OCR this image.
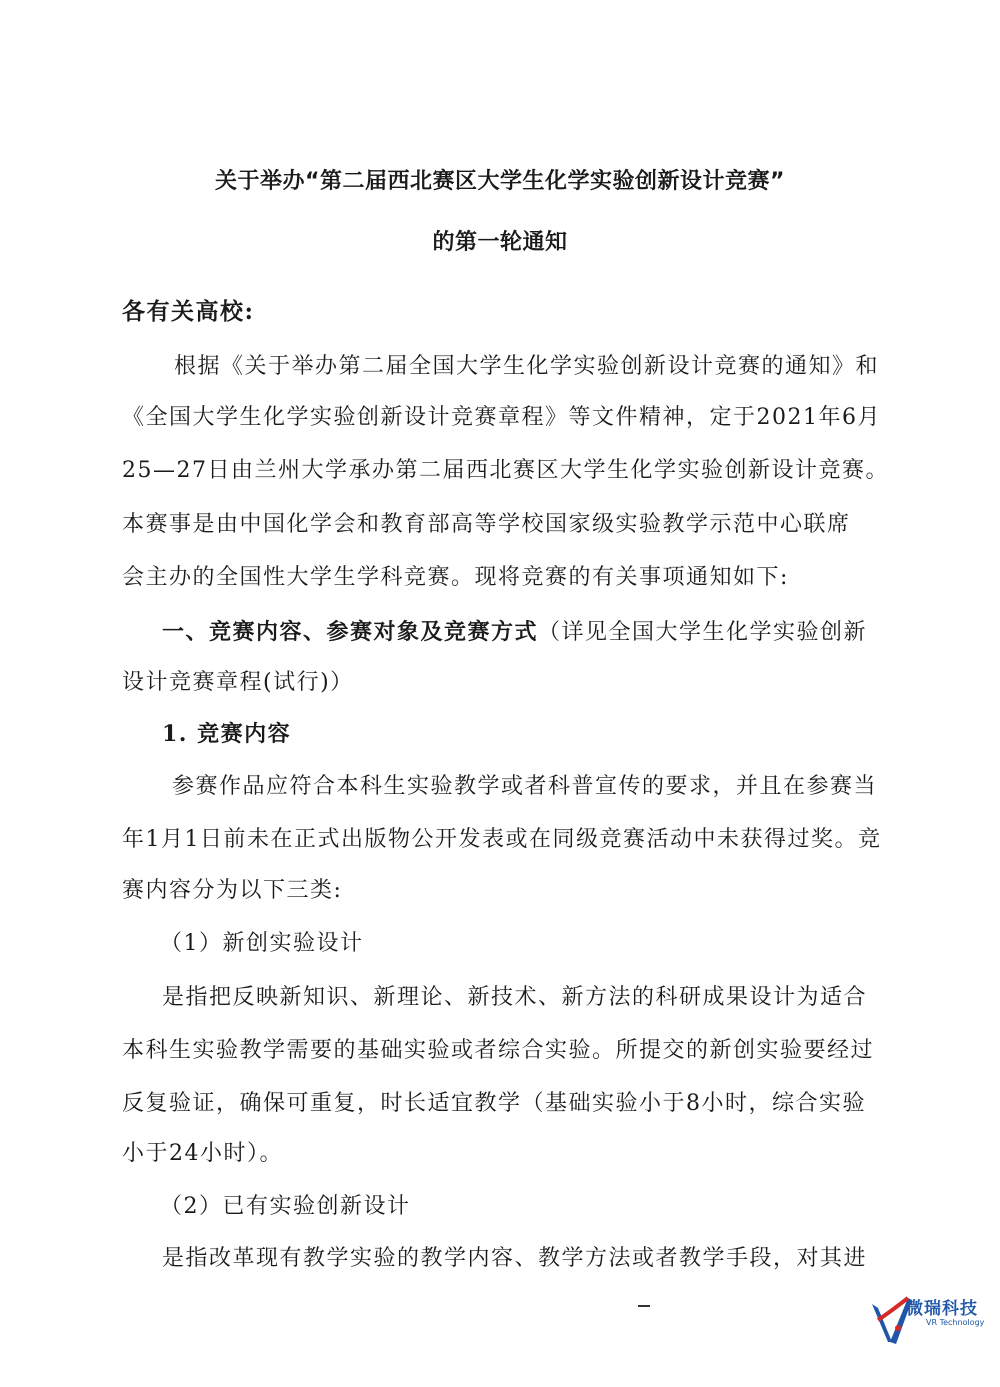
关于举办“第二届西北赛区大学生化学实验创新设计竞赛”
的第一轮通知
各有关高校:
根据《关于举办第二届全国大学生化学实验创新设计竞赛的通知》和
《全国大学生化学实验创新设计竞赛章程》等文件精神，定于2021年6月
25—27日由兰州大学承办第二届西北赛区大学生化学实验创新设计竞赛。
本赛事是由中国化学会和教育部高等学校国家级实验教学示范中心联席
会主办的全国性大学生学科竞赛。现将竞赛的有关事项通知如下:
一、竞赛内容、参赛对象及竞赛方式（详见全国大学生化学实验创新
设计竞赛章程(试行)）
1. 竞赛内容
参赛作品应符合本科生实验教学或者科普宣传的要求，并且在参赛当
年1月1日前未在正式出版物公开发表或在同级竞赛活动中未获得过奖。竞
赛内容分为以下三类:
（1）新创实验设计
是指把反映新知识、新理论、新技术、新方法的科研成果设计为适合
本科生实验教学需要的基础实验或者综合实验。所提交的新创实验要经过
反复验证，确保可重复，时长适宜教学（基础实验小于8小时，综合实验
小于24小时）。
（2）已有实验创新设计
是指改革现有教学实验的教学内容、教学方法或者教学手段，对其进
微瑞科技
VR Technology
